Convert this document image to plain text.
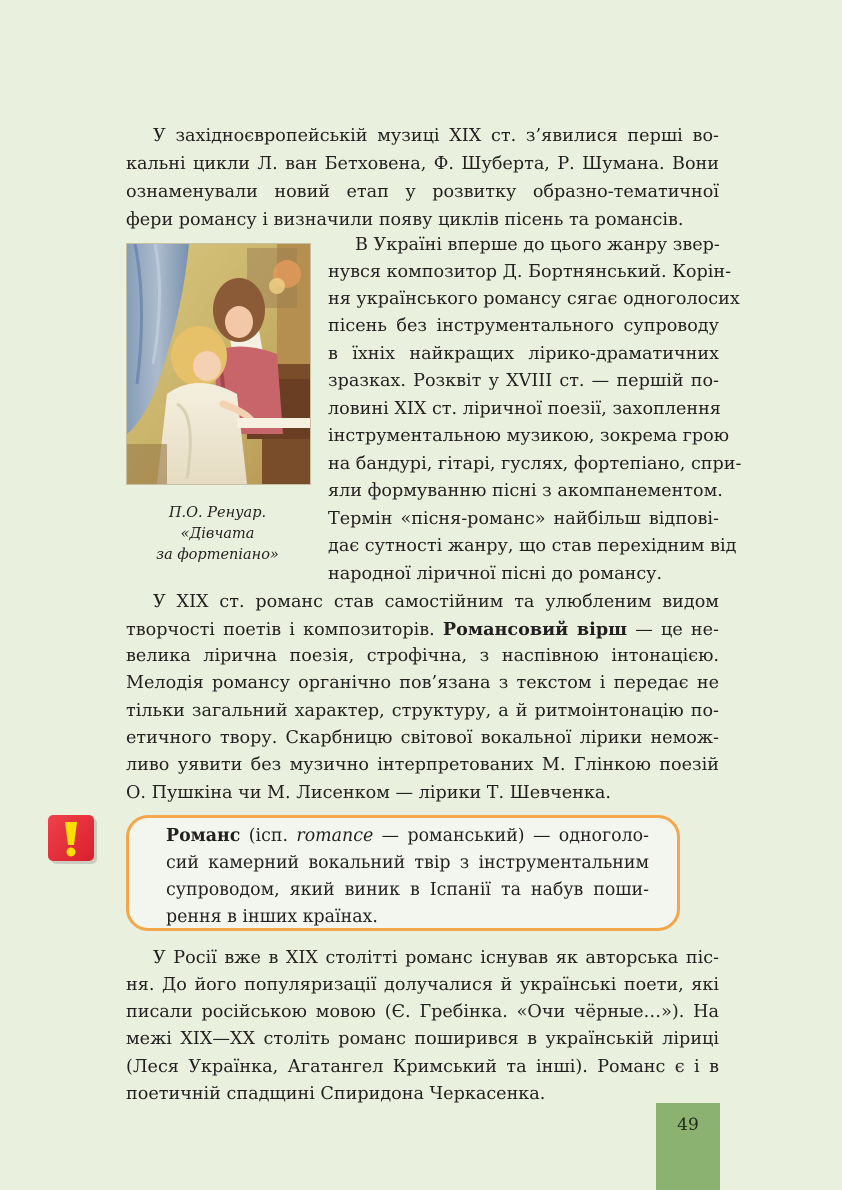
У західноєвропейській музиці XIX ст. з’явилися перші во-

кальні цикли Л. ван Бетховена, Ф. Шуберта, Р. Шумана. Вони

ознаменували новий етап у розвитку образно-тематичної

фери романсу і визначили появу циклів пісень та романсів.

П.О. Ренуар.
«Дівчата
за фортепіано»

В Україні вперше до цього жанру звер-

нувся композитор Д. Бортнянський. Корін-

ня українського романсу сягає одноголосих

пісень без інструментального супроводу

в їхніх найкращих лірико-драматичних

зразках. Розквіт у XVIII ст. — першій по-

ловині XIX ст. ліричної поезії, захоплення

інструментальною музикою, зокрема грою

на бандурі, гітарі, гуслях, фортепіано, спри-

яли формуванню пісні з акомпанементом.

Термін «пісня-романс» найбільш відпові-

дає сутності жанру, що став перехідним від

народної ліричної пісні до романсу.

У XIX ст. романс став самостійним та улюбленим видом

творчості поетів і композиторів. Романсовий вірш — це не-

велика лірична поезія, строфічна, з наспівною інтонацією.

Мелодія романсу органічно пов’язана з текстом і передає не

тільки загальний характер, структуру, а й ритмоінтонацію по-

етичного твору. Скарбницю світової вокальної лірики немож-

ливо уявити без музично інтерпретованих М. Глінкою поезій

О. Пушкіна чи М. Лисенком — лірики Т. Шевченка.

Романс (ісп. romance — романський) — одноголо-

сий камерний вокальний твір з інструментальним

супроводом, який виник в Іспанії та набув поши-

рення в інших країнах.

У Росії вже в XIX столітті романс існував як авторська піс-

ня. До його популяризації долучалися й українські поети, які

писали російською мовою (Є. Гребінка. «Очи чёрные…»). На

межі XIX—XX століть романс поширився в українській ліриці

(Леся Українка, Агатангел Кримський та інші). Романс є і в

поетичній спадщині Спиридона Черкасенка.

49
